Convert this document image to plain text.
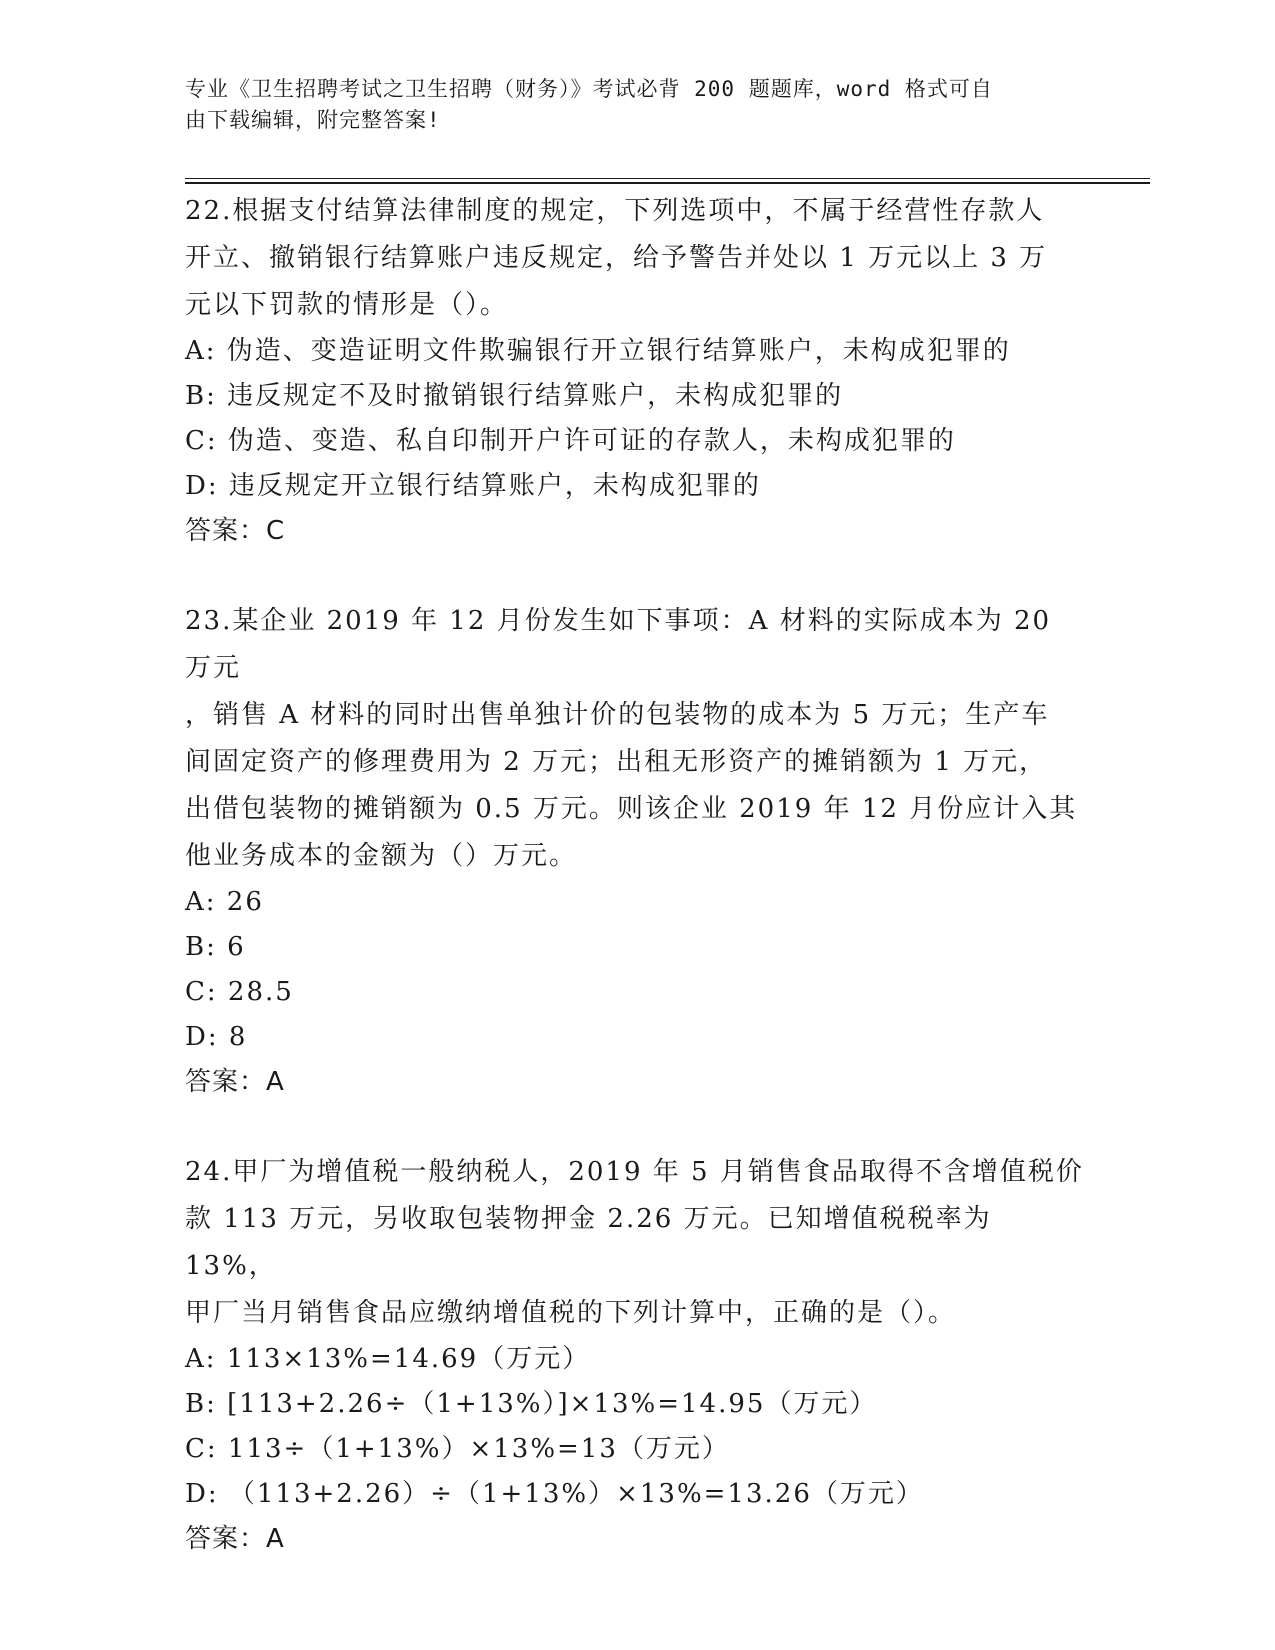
专业《卫生招聘考试之卫生招聘（财务）》考试必背 200 题题库，word 格式可自
由下载编辑，附完整答案!

22.根据支付结算法律制度的规定，下列选项中，不属于经营性存款人

开立、撤销银行结算账户违反规定，给予警告并处以 1 万元以上 3 万

元以下罚款的情形是（）。

A: 伪造、变造证明文件欺骗银行开立银行结算账户，未构成犯罪的

B: 违反规定不及时撤销银行结算账户，未构成犯罪的

C: 伪造、变造、私自印制开户许可证的存款人，未构成犯罪的

D: 违反规定开立银行结算账户，未构成犯罪的

答案：C

23.某企业 2019 年 12 月份发生如下事项：A 材料的实际成本为 20 万元

，销售 A 材料的同时出售单独计价的包装物的成本为 5 万元；生产车

间固定资产的修理费用为 2 万元；出租无形资产的摊销额为 1 万元，

出借包装物的摊销额为 0.5 万元。则该企业 2019 年 12 月份应计入其

他业务成本的金额为（）万元。

A: 26

B: 6

C: 28.5

D: 8

答案：A

24.甲厂为增值税一般纳税人，2019 年 5 月销售食品取得不含增值税价

款 113 万元，另收取包装物押金 2.26 万元。已知增值税税率为 13%，

甲厂当月销售食品应缴纳增值税的下列计算中，正确的是（）。

A: 113×13%=14.69（万元）

B: [113+2.26÷（1+13%）]×13%=14.95（万元）

C: 113÷（1+13%）×13%=13（万元）

D: （113+2.26）÷（1+13%）×13%=13.26（万元）

答案：A
